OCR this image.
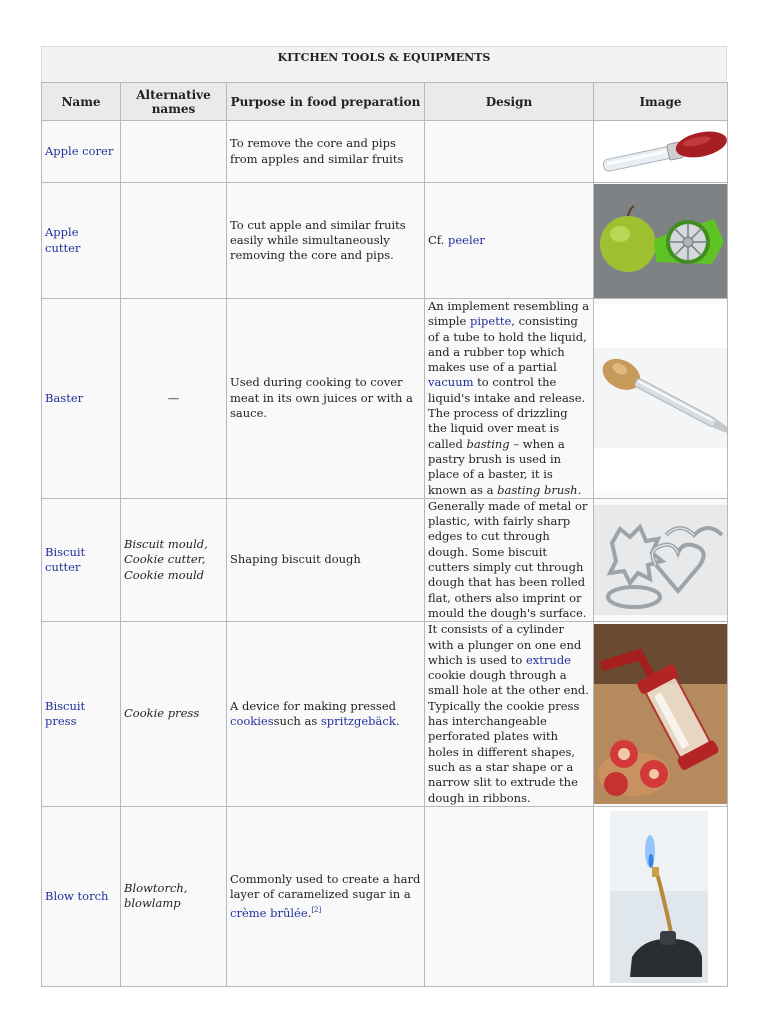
KITCHEN TOOLS & EQUIPMENTS
Name	Alternative names	Purpose in food preparation	Design	Image
Apple corer		To remove the core and pips from apples and similar fruits		

Apple cutter		To cut apple and similar fruits easily while simultaneously removing the core and pips.	Cf. peeler	

Baster	—	Used during cooking to cover meat in its own juices or with a sauce.	An implement resembling a simple pipette, consisting of a tube to hold the liquid, and a rubber top which makes use of a partial vacuum to control the liquid's intake and release. The process of drizzling the liquid over meat is called basting – when a pastry brush is used in place of a baster, it is known as a basting brush.	

Biscuit cutter	Biscuit mould, Cookie cutter, Cookie mould	Shaping biscuit dough	Generally made of metal or plastic, with fairly sharp edges to cut through dough. Some biscuit cutters simply cut through dough that has been rolled flat, others also imprint or mould the dough's surface.	

Biscuit press	Cookie press	A device for making pressed cookiessuch as spritzgebäck.	It consists of a cylinder with a plunger on one end which is used to extrude cookie dough through a small hole at the other end. Typically the cookie press has interchangeable perforated plates with holes in different shapes, such as a star shape or a narrow slit to extrude the dough in ribbons.	

Blow torch	Blowtorch, blowlamp	Commonly used to create a hard layer of caramelized sugar in a crème brûlée.[2]		
